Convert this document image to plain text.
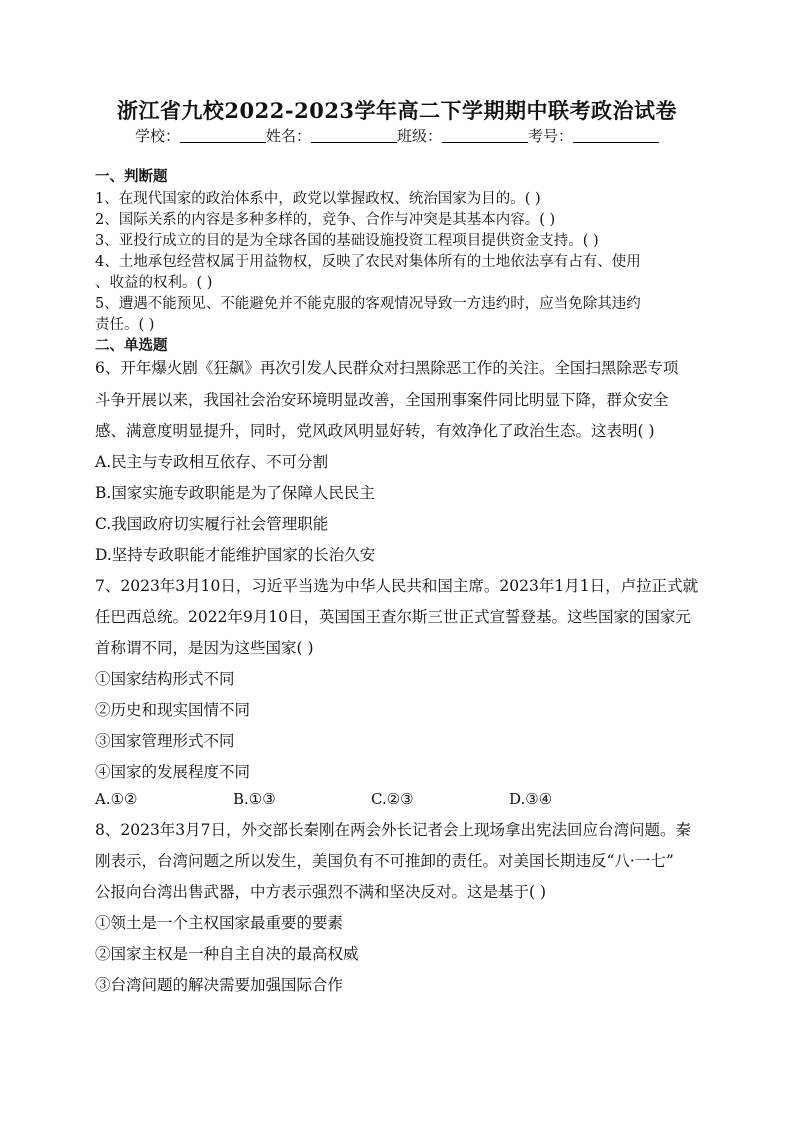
浙江省九校2022-2023学年高二下学期期中联考政治试卷
学校：	姓名：	班级：	考号：
一、判断题
1、在现代国家的政治体系中，政党以掌握政权、统治国家为目的。( )
2、国际关系的内容是多种多样的，竞争、合作与冲突是其基本内容。( )
3、亚投行成立的目的是为全球各国的基础设施投资工程项目提供资金支持。( )
4、土地承包经营权属于用益物权，反映了农民对集体所有的土地依法享有占有、使用
、收益的权利。( )
5、遭遇不能预见、不能避免并不能克服的客观情况导致一方违约时，应当免除其违约
责任。( )
二、单选题
6、开年爆火剧《狂飙》再次引发人民群众对扫黑除恶工作的关注。全国扫黑除恶专项
斗争开展以来，我国社会治安环境明显改善，全国刑事案件同比明显下降，群众安全
感、满意度明显提升，同时，党风政风明显好转，有效净化了政治生态。这表明( )
A.民主与专政相互依存、不可分割
B.国家实施专政职能是为了保障人民民主
C.我国政府切实履行社会管理职能
D.坚持专政职能才能维护国家的长治久安
7、2023年3月10日，习近平当选为中华人民共和国主席。2023年1月1日，卢拉正式就
任巴西总统。2022年9月10日，英国国王查尔斯三世正式宣誓登基。这些国家的国家元
首称谓不同，是因为这些国家( )
①国家结构形式不同
②历史和现实国情不同
③国家管理形式不同
④国家的发展程度不同
A.①②	B.①③	C.②③	D.③④
8、2023年3月7日，外交部长秦刚在两会外长记者会上现场拿出宪法回应台湾问题。秦
刚表示，台湾问题之所以发生，美国负有不可推卸的责任。对美国长期违反“八·一七”
公报向台湾出售武器，中方表示强烈不满和坚决反对。这是基于( )
①领土是一个主权国家最重要的要素
②国家主权是一种自主自决的最高权威
③台湾问题的解决需要加强国际合作
